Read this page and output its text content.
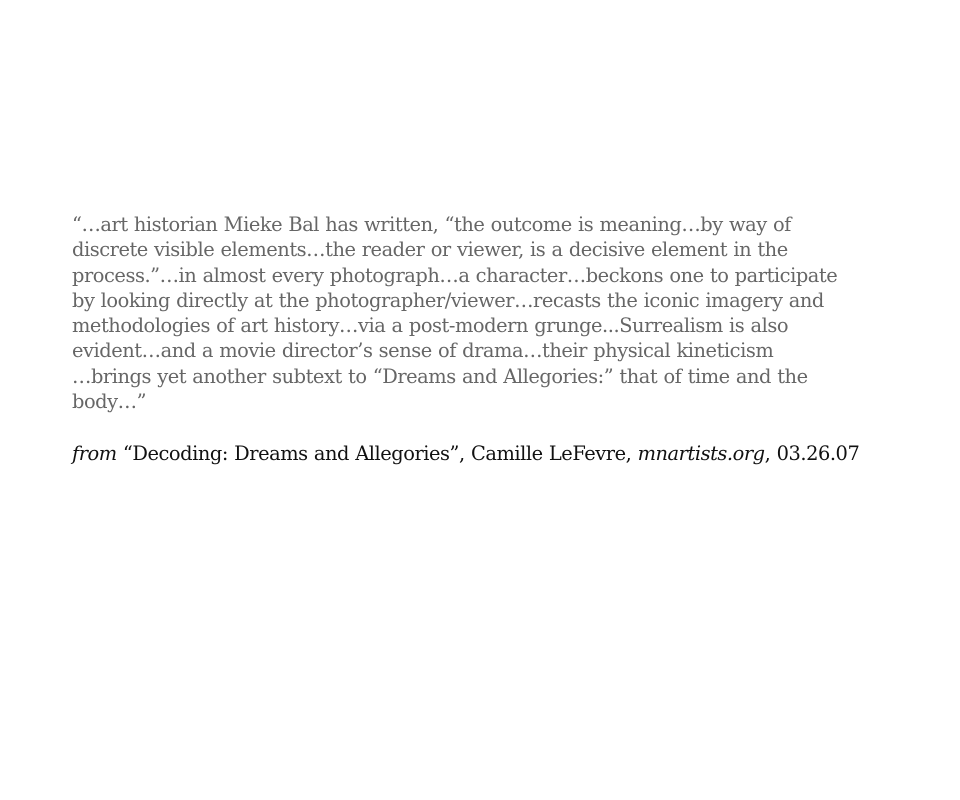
“…art historian Mieke Bal has written, “the outcome is meaning…by way of
discrete visible elements…the reader or viewer, is a decisive element in the
process.”…in almost every photograph…a character…beckons one to participate
by looking directly at the photographer/viewer…recasts the iconic imagery and
methodologies of art history…via a post-modern grunge...Surrealism is also
evident…and a movie director’s sense of drama…their physical kineticism
…brings yet another subtext to “Dreams and Allegories:” that of time and the
body…”

from “Decoding: Dreams and Allegories”, Camille LeFevre, mnartists.org, 03.26.07
